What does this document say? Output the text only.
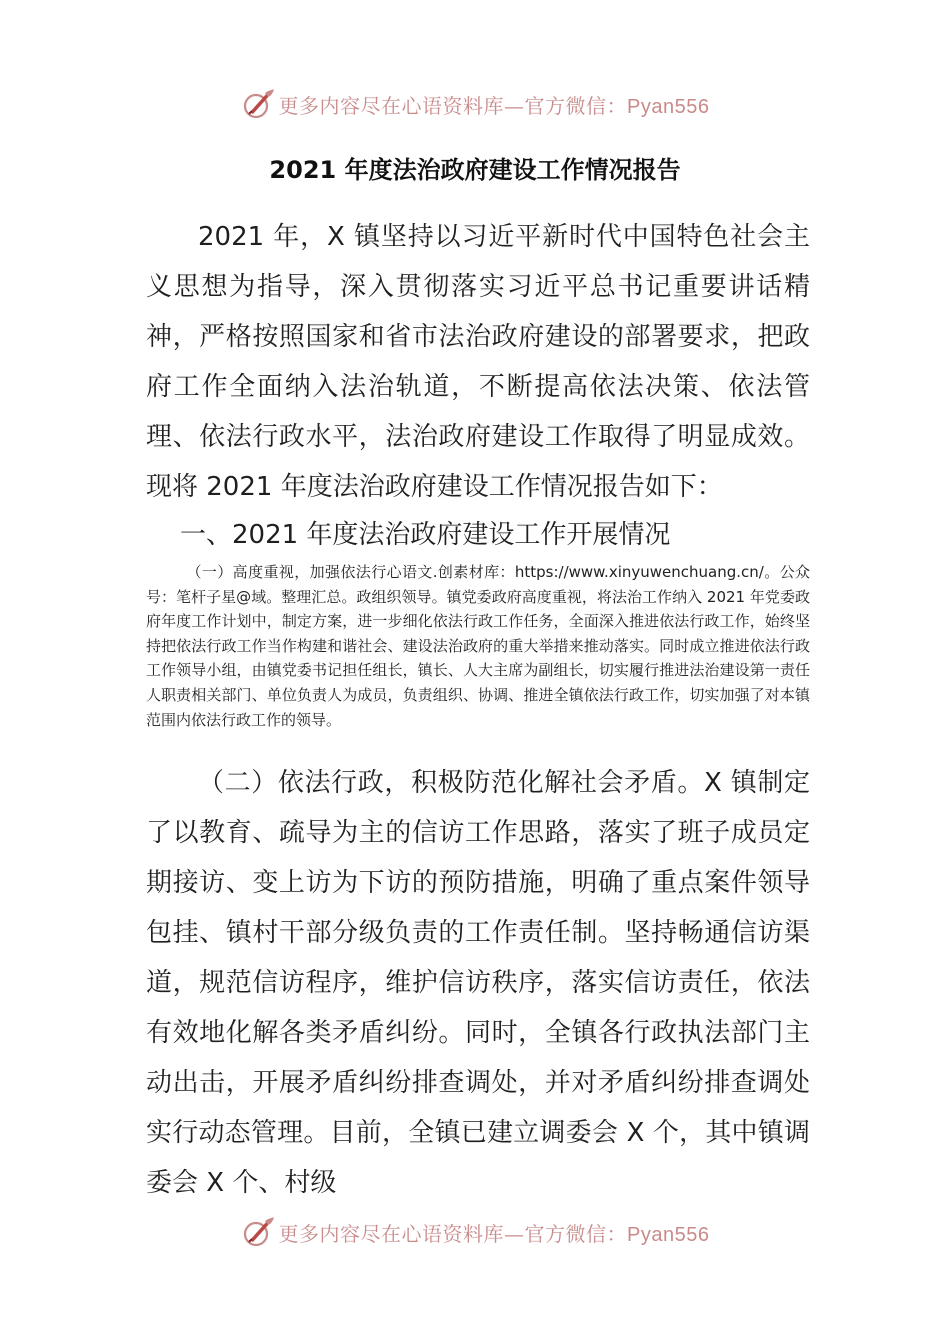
更多内容尽在心语资料库—官方微信：Pyan556
2021 年度法治政府建设工作情况报告

2021 年，X 镇坚持以习近平新时代中国特色社会主义思想为指导，深入贯彻落实习近平总书记重要讲话精神，严格按照国家和省市法治政府建设的部署要求，把政府工作全面纳入法治轨道，不断提高依法决策、依法管理、依法行政水平，法治政府建设工作取得了明显成效。现将 2021 年度法治政府建设工作情况报告如下：

一、2021 年度法治政府建设工作开展情况

（一）高度重视，加强依法行心语文.创素材库：https://www.xinyuwenchuang.cn/。公众号：笔杆子星@域。整理汇总。政组织领导。镇党委政府高度重视，将法治工作纳入 2021 年党委政府年度工作计划中，制定方案，进一步细化依法行政工作任务，全面深入推进依法行政工作，始终坚持把依法行政工作当作构建和谐社会、建设法治政府的重大举措来推动落实。同时成立推进依法行政工作领导小组，由镇党委书记担任组长，镇长、人大主席为副组长，切实履行推进法治建设第一责任人职责相关部门、单位负责人为成员，负责组织、协调、推进全镇依法行政工作，切实加强了对本镇范围内依法行政工作的领导。

（二）依法行政，积极防范化解社会矛盾。X 镇制定了以教育、疏导为主的信访工作思路，落实了班子成员定期接访、变上访为下访的预防措施，明确了重点案件领导包挂、镇村干部分级负责的工作责任制。坚持畅通信访渠道，规范信访程序，维护信访秩序，落实信访责任，依法有效地化解各类矛盾纠纷。同时，全镇各行政执法部门主动出击，开展矛盾纠纷排查调处，并对矛盾纠纷排查调处实行动态管理。目前，全镇已建立调委会 X 个，其中镇调委会 X 个、村级

更多内容尽在心语资料库—官方微信：Pyan556
